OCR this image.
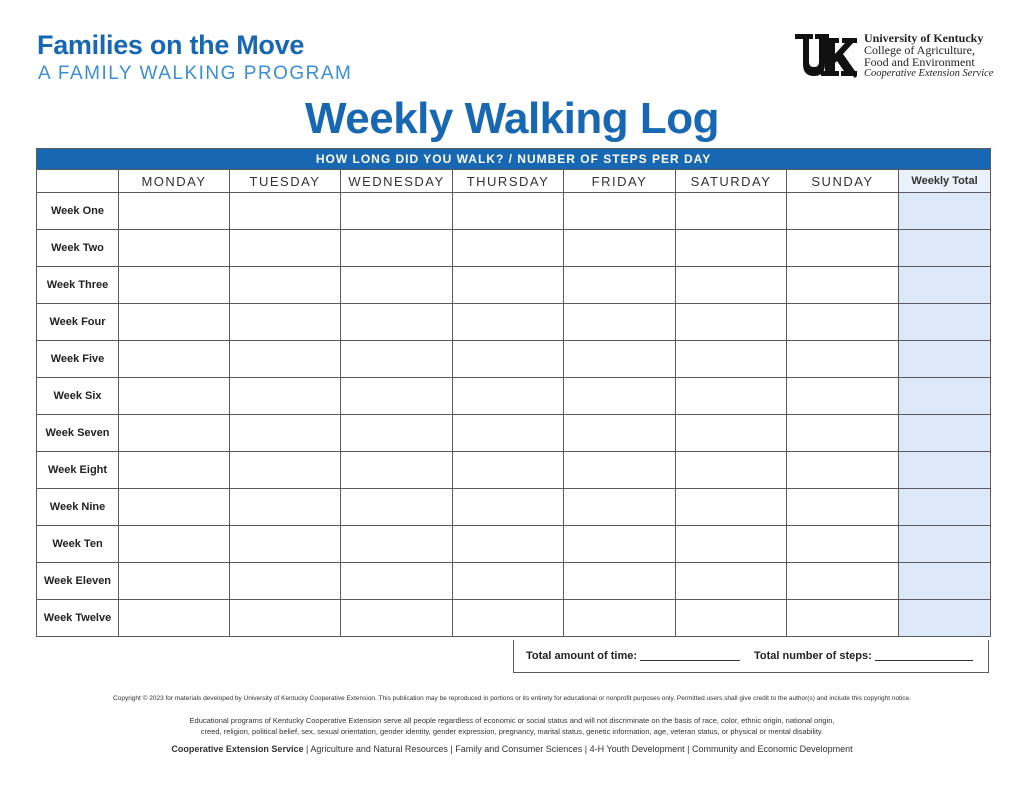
Families on the Move
A FAMILY WALKING PROGRAM
University of Kentucky
College of Agriculture,
Food and Environment
Cooperative Extension Service
Weekly Walking Log
HOW LONG DID YOU WALK? / NUMBER OF STEPS PER DAY								
	MONDAY	TUESDAY	WEDNESDAY	THURSDAY	FRIDAY	SATURDAY	SUNDAY	Weekly Total
Week One								
Week Two								
Week Three								
Week Four								
Week Five								
Week Six								
Week Seven								
Week Eight								
Week Nine								
Week Ten								
Week Eleven								
Week Twelve								
Total amount of time:	Total number of steps:
Copyright © 2023 for materials developed by University of Kentucky Cooperative Extension. This publication may be reproduced in portions or its entirety for educational or nonprofit purposes only. Permitted users shall give credit to the author(s) and include this copyright notice.
Educational programs of Kentucky Cooperative Extension serve all people regardless of economic or social status and will not discriminate on the basis of race, color, ethnic origin, national origin,
creed, religion, political belief, sex, sexual orientation, gender identity, gender expression, pregnancy, marital status, genetic information, age, veteran status, or physical or mental disability.
Cooperative Extension Service | Agriculture and Natural Resources | Family and Consumer Sciences | 4-H Youth Development | Community and Economic Development
